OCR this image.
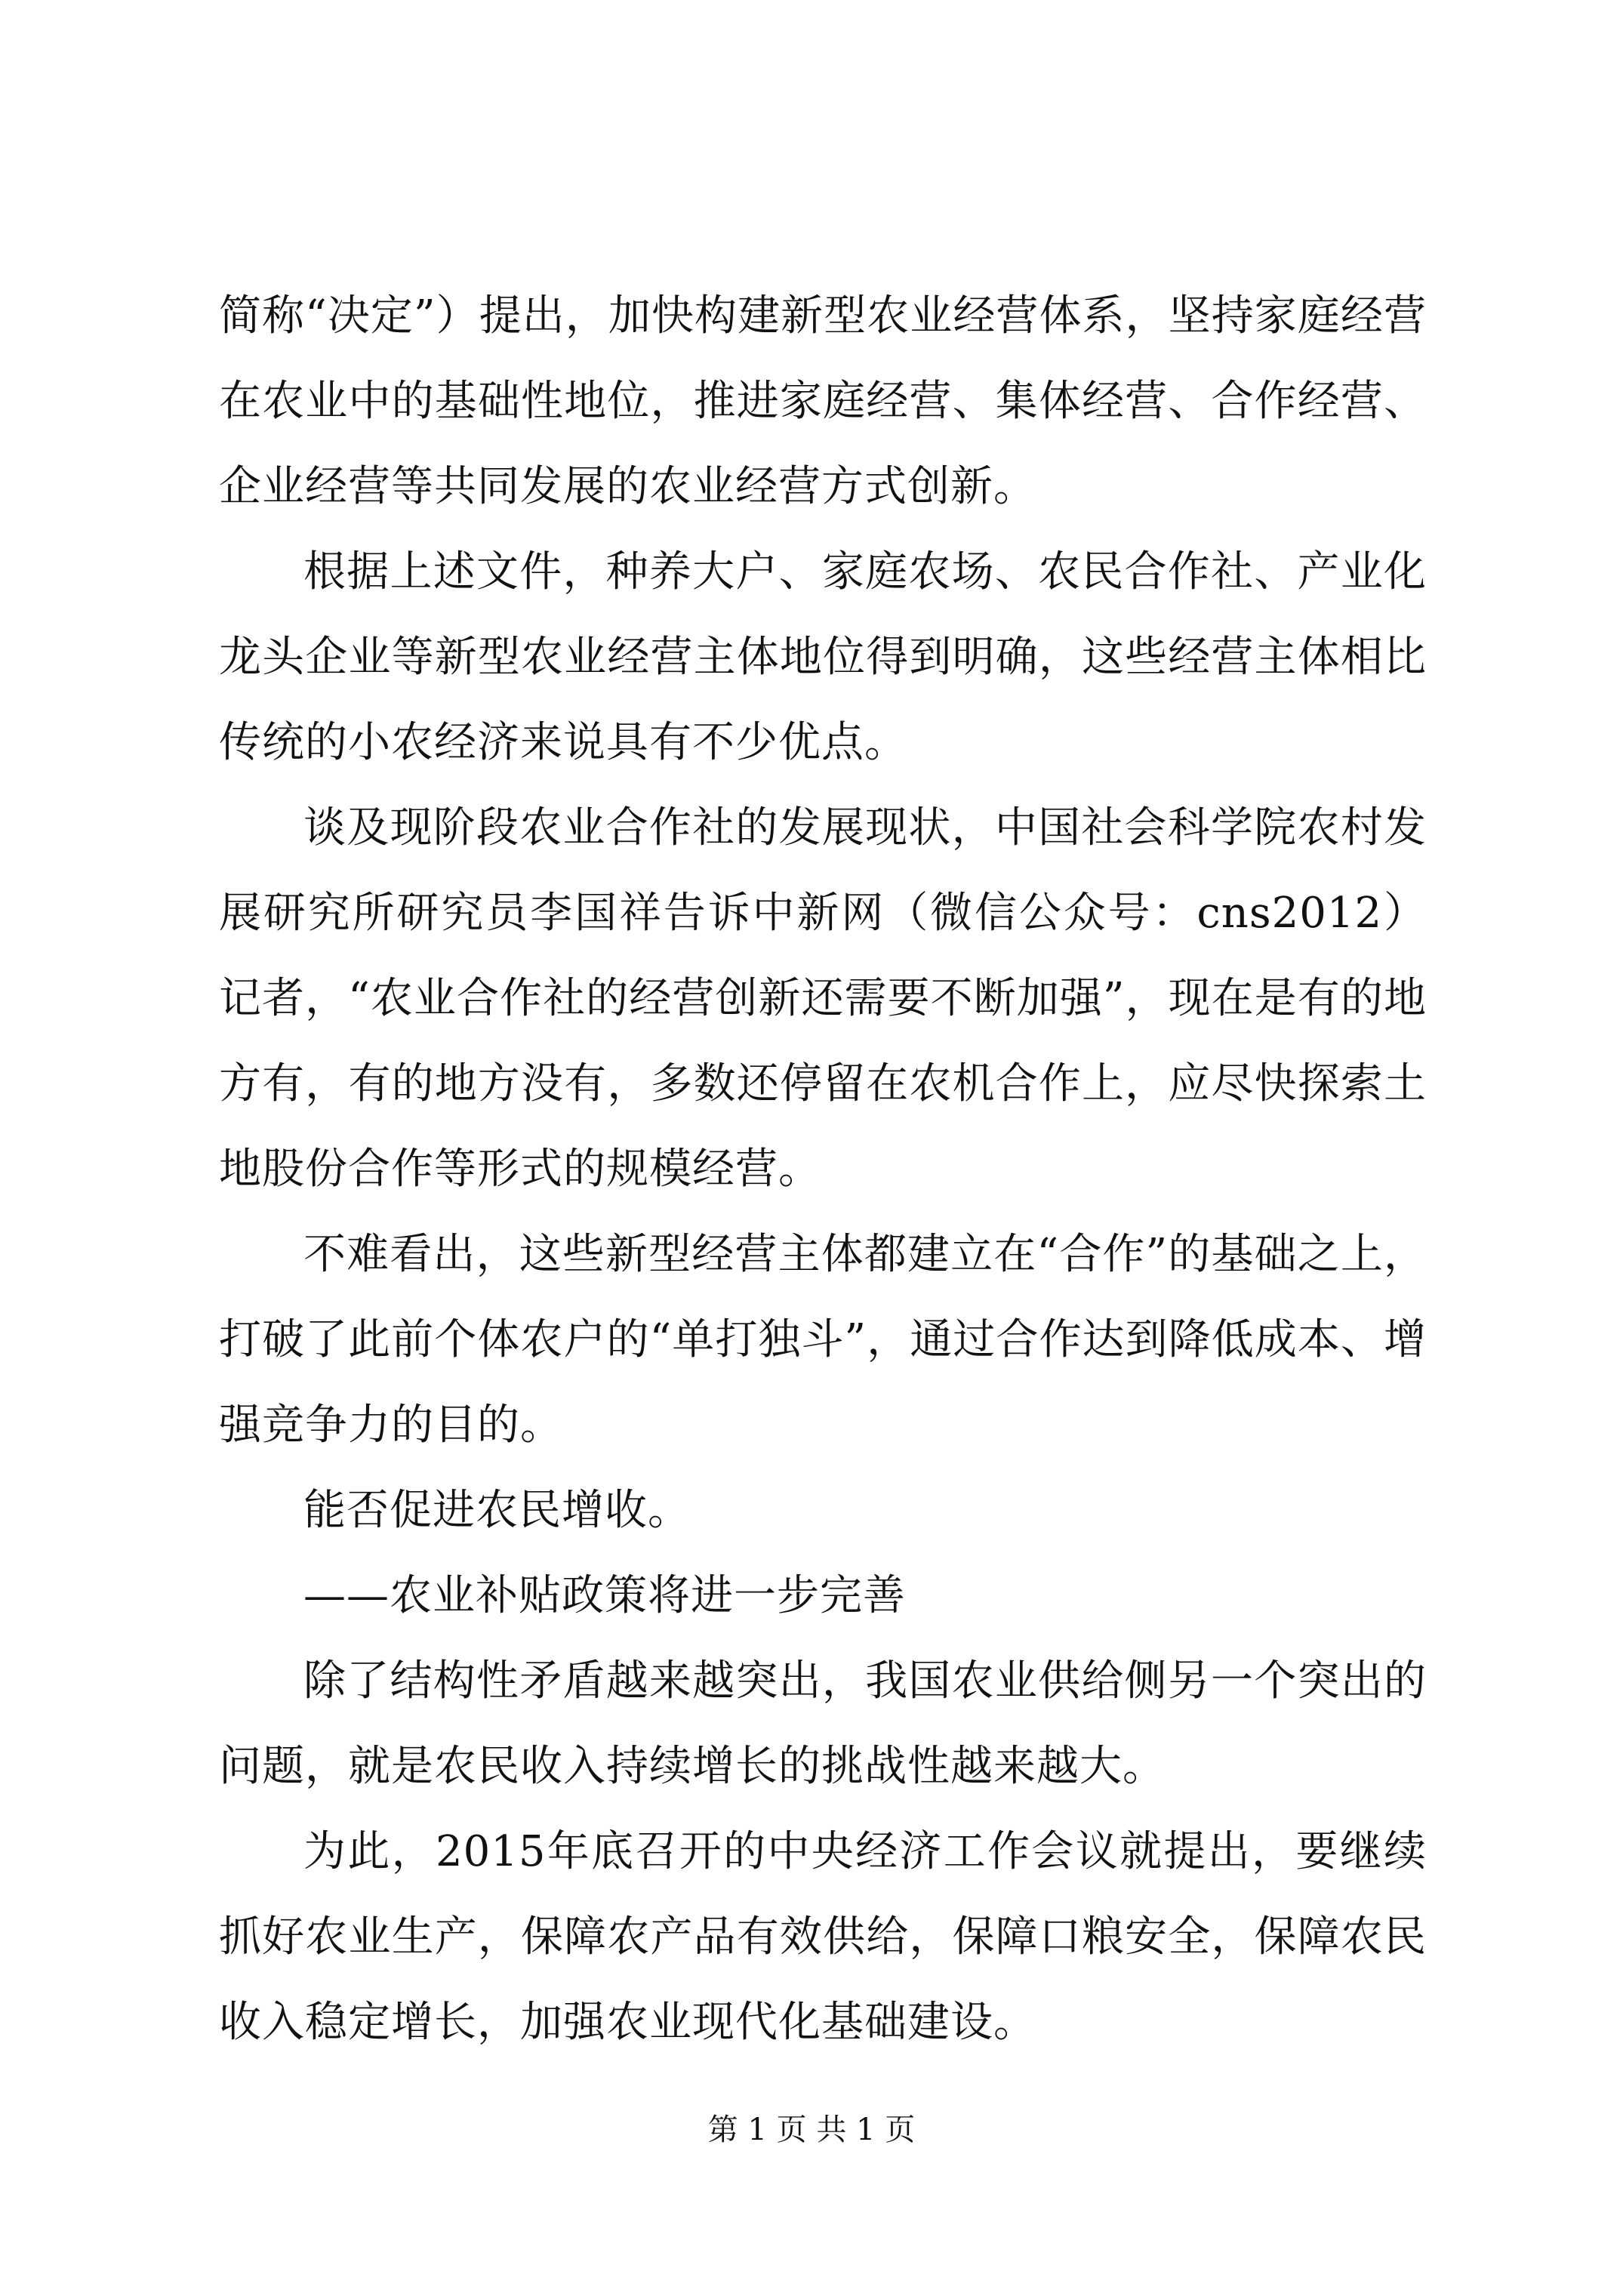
简称“决定”）提出，加快构建新型农业经营体系，坚持家庭经营在农业中的基础性地位，推进家庭经营、集体经营、合作经营、企业经营等共同发展的农业经营方式创新。

根据上述文件，种养大户、家庭农场、农民合作社、产业化龙头企业等新型农业经营主体地位得到明确，这些经营主体相比传统的小农经济来说具有不少优点。

谈及现阶段农业合作社的发展现状，中国社会科学院农村发展研究所研究员李国祥告诉中新网（微信公众号：cns2012）记者，“农业合作社的经营创新还需要不断加强”，现在是有的地方有，有的地方没有，多数还停留在农机合作上，应尽快探索土地股份合作等形式的规模经营。

不难看出，这些新型经营主体都建立在“合作”的基础之上，打破了此前个体农户的“单打独斗”，通过合作达到降低成本、增强竞争力的目的。

能否促进农民增收。

——农业补贴政策将进一步完善

除了结构性矛盾越来越突出，我国农业供给侧另一个突出的问题，就是农民收入持续增长的挑战性越来越大。

为此，2015年底召开的中央经济工作会议就提出，要继续抓好农业生产，保障农产品有效供给，保障口粮安全，保障农民收入稳定增长，加强农业现代化基础建设。

第 1 页 共 1 页
